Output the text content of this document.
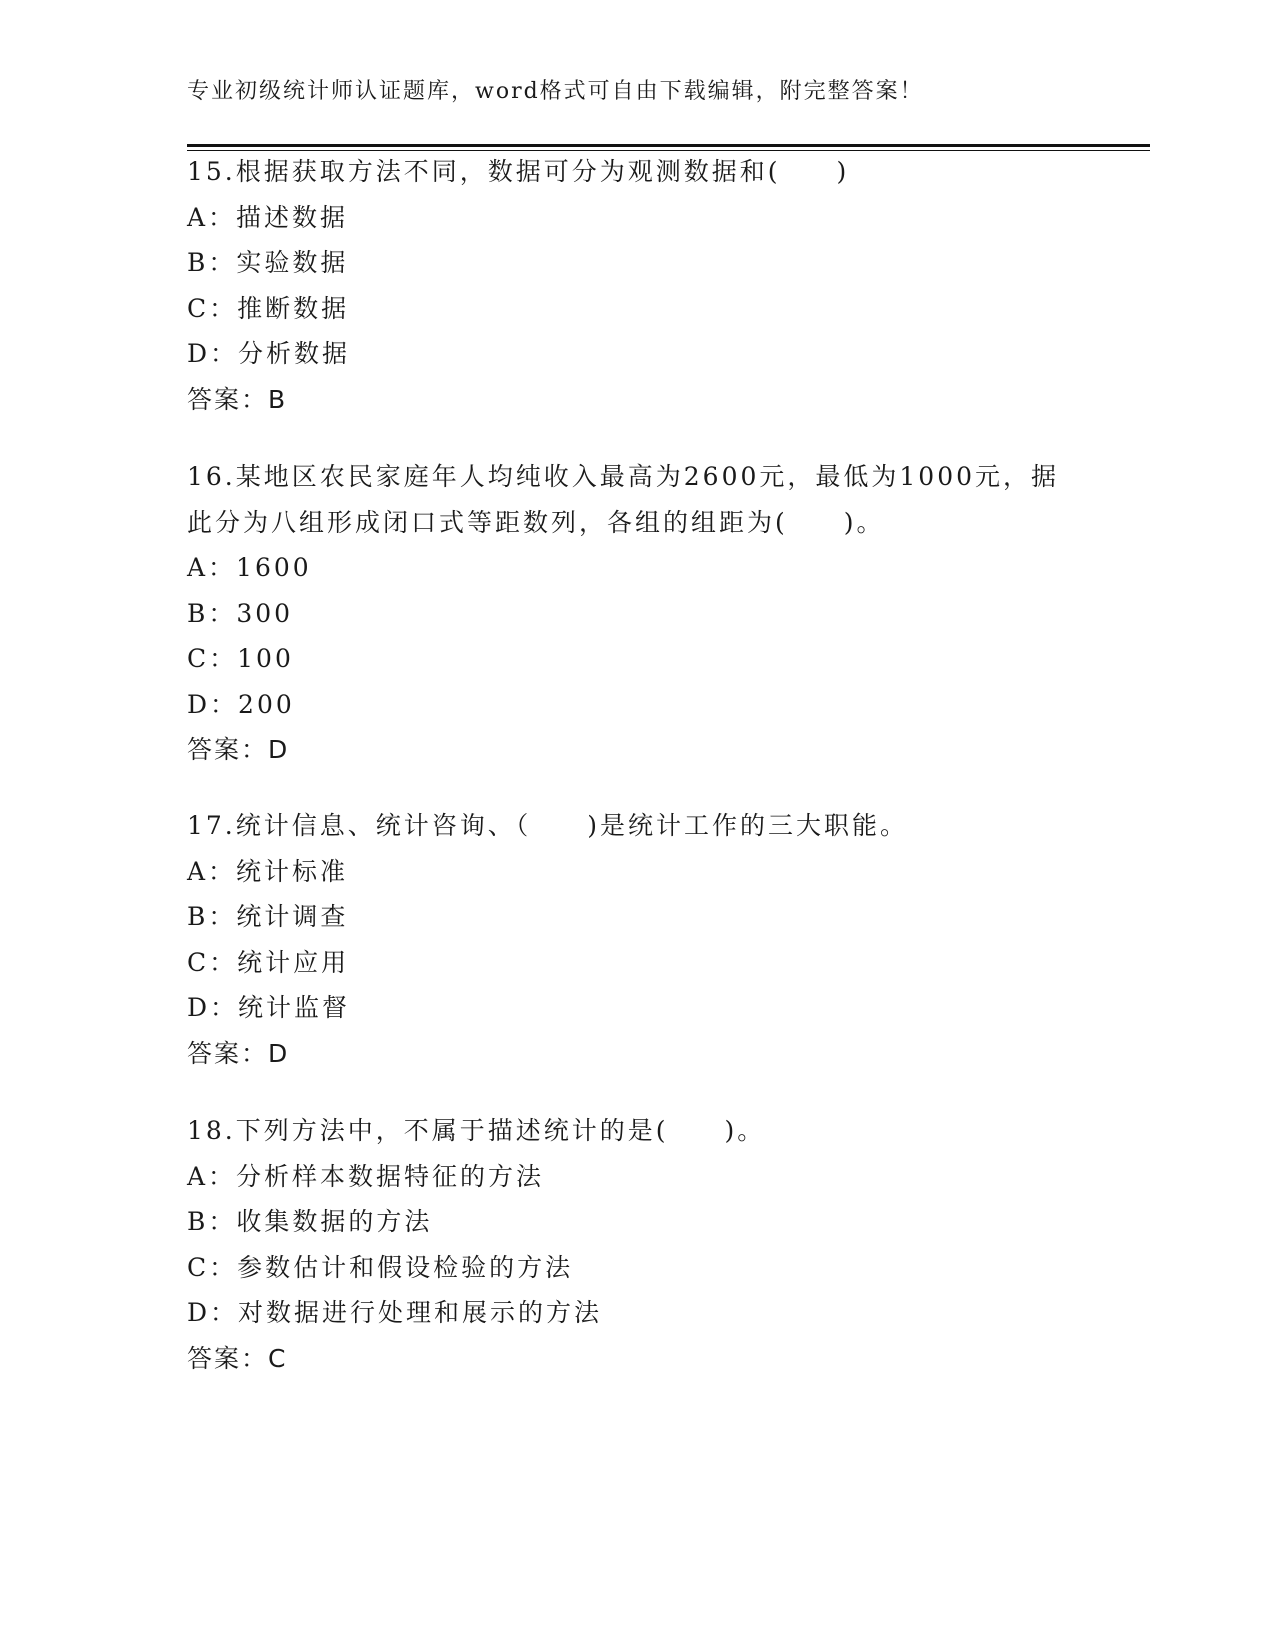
专业初级统计师认证题库，word格式可自由下载编辑，附完整答案！
15.根据获取方法不同，数据可分为观测数据和(　　)
A：描述数据
B：实验数据
C：推断数据
D：分析数据
答案：B
16.某地区农民家庭年人均纯收入最高为2600元，最低为1000元，据
此分为八组形成闭口式等距数列，各组的组距为(　　)。
A：1600
B：300
C：100
D：200
答案：D
17.统计信息、统计咨询、（　　)是统计工作的三大职能。
A：统计标准
B：统计调查
C：统计应用
D：统计监督
答案：D
18.下列方法中，不属于描述统计的是(　　)。
A：分析样本数据特征的方法
B：收集数据的方法
C：参数估计和假设检验的方法
D：对数据进行处理和展示的方法
答案：C
